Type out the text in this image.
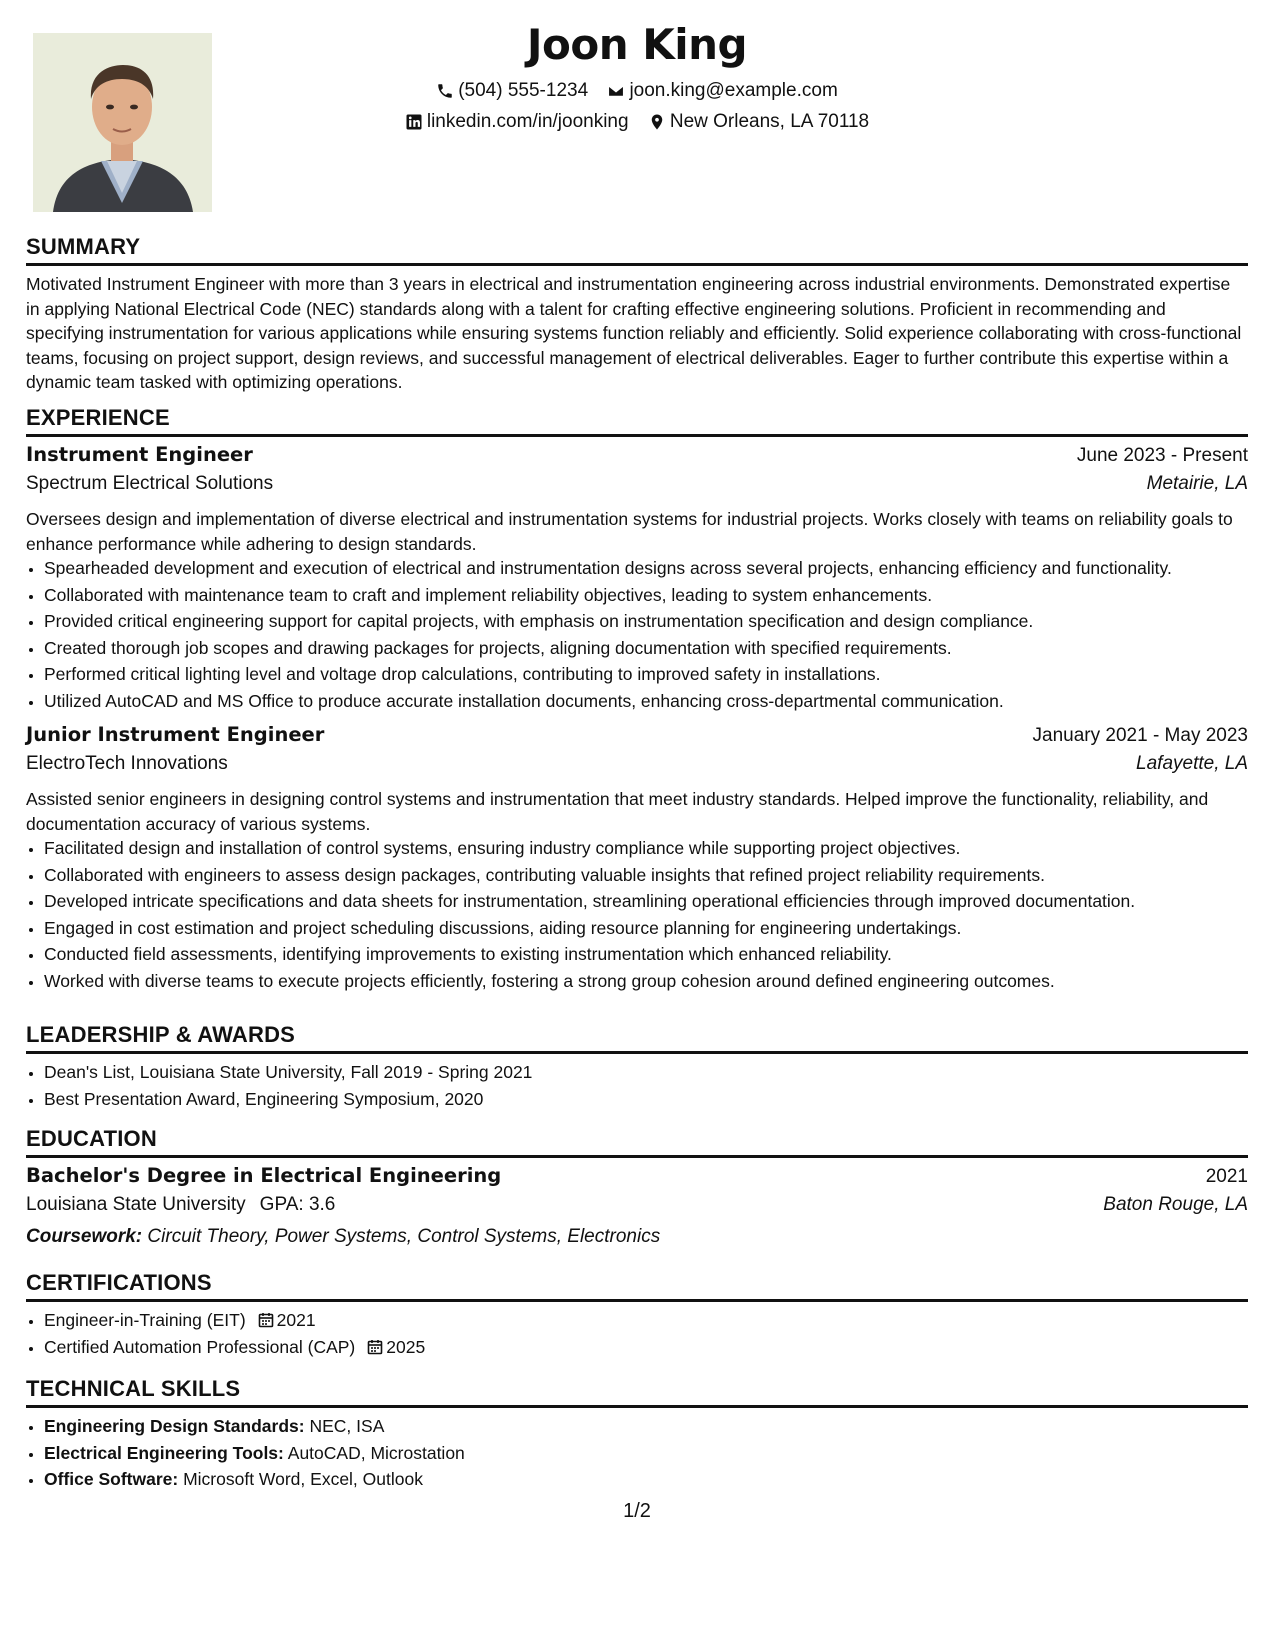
Joon King
(504) 555-1234
joon.king@example.com
linkedin.com/in/joonking
New Orleans, LA 70118
SUMMARY

Motivated Instrument Engineer with more than 3 years in electrical and instrumentation engineering across industrial environments. Demonstrated expertise in applying National Electrical Code (NEC) standards along with a talent for crafting effective engineering solutions. Proficient in recommending and specifying instrumentation for various applications while ensuring systems function reliably and efficiently. Solid experience collaborating with cross-functional teams, focusing on project support, design reviews, and successful management of electrical deliverables. Eager to further contribute this expertise within a dynamic team tasked with optimizing operations.

EXPERIENCE
Instrument Engineer	June 2023 - Present
Spectrum Electrical Solutions	Metairie, LA

Oversees design and implementation of diverse electrical and instrumentation systems for industrial projects. Works closely with teams on reliability goals to enhance performance while adhering to design standards.

• Spearheaded development and execution of electrical and instrumentation designs across several projects, enhancing efficiency and functionality.
• Collaborated with maintenance team to craft and implement reliability objectives, leading to system enhancements.
• Provided critical engineering support for capital projects, with emphasis on instrumentation specification and design compliance.
• Created thorough job scopes and drawing packages for projects, aligning documentation with specified requirements.
• Performed critical lighting level and voltage drop calculations, contributing to improved safety in installations.
• Utilized AutoCAD and MS Office to produce accurate installation documents, enhancing cross-departmental communication.
Junior Instrument Engineer	January 2021 - May 2023
ElectroTech Innovations	Lafayette, LA

Assisted senior engineers in designing control systems and instrumentation that meet industry standards. Helped improve the functionality, reliability, and documentation accuracy of various systems.

• Facilitated design and installation of control systems, ensuring industry compliance while supporting project objectives.
• Collaborated with engineers to assess design packages, contributing valuable insights that refined project reliability requirements.
• Developed intricate specifications and data sheets for instrumentation, streamlining operational efficiencies through improved documentation.
• Engaged in cost estimation and project scheduling discussions, aiding resource planning for engineering undertakings.
• Conducted field assessments, identifying improvements to existing instrumentation which enhanced reliability.
• Worked with diverse teams to execute projects efficiently, fostering a strong group cohesion around defined engineering outcomes.
LEADERSHIP & AWARDS
• Dean's List, Louisiana State University, Fall 2019 - Spring 2021
• Best Presentation Award, Engineering Symposium, 2020
EDUCATION
Bachelor's Degree in Electrical Engineering	2021
Louisiana State University GPA: 3.6	Baton Rouge, LA
Coursework: Circuit Theory, Power Systems, Control Systems, Electronics
CERTIFICATIONS
• Engineer-in-Training (EIT) 2021
• Certified Automation Professional (CAP) 2025
TECHNICAL SKILLS
• Engineering Design Standards: NEC, ISA
• Electrical Engineering Tools: AutoCAD, Microstation
• Office Software: Microsoft Word, Excel, Outlook
1/2
